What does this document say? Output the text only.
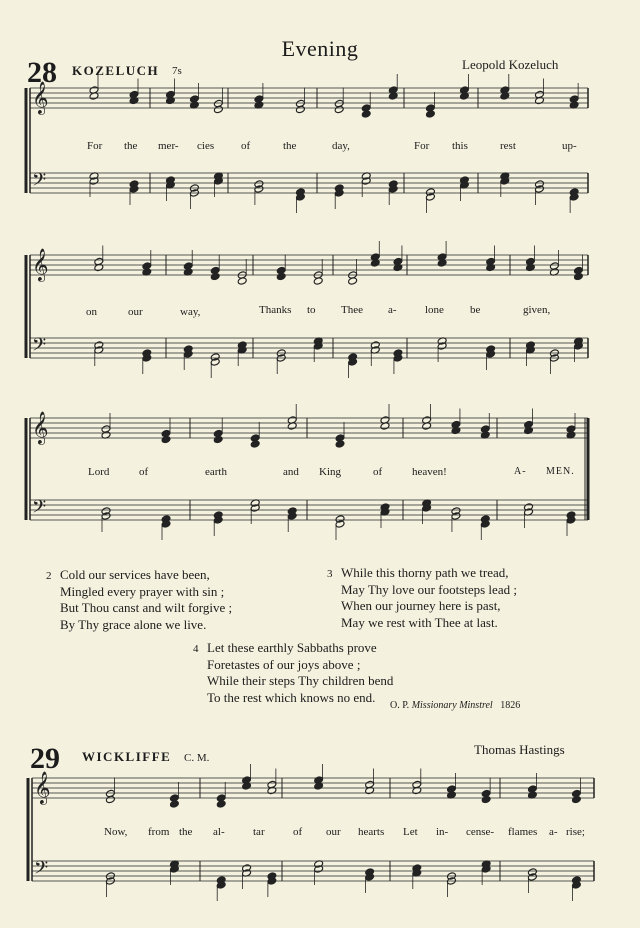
𝄞
𝄢
𝄞
𝄢
𝄞
𝄢
𝄞
𝄢
Evening
28 KOZELUCH 7s	Leopold Kozeluch
For the mer- cies of	the	day,	For this	rest	up-
on	our	way,	Thanks to Thee a-	lone be	given,
Lord	of	earth	and King	of	heaven!	A- MEN.
2 Cold our services have been,
Mingled every prayer with sin ;
But Thou canst and wilt forgive ;
By Thy grace alone we live.
3 While this thorny path we tread,
May Thy love our footsteps lead ;
When our journey here is past,
May we rest with Thee at last.
4 Let these earthly Sabbaths prove
Foretastes of our joys above ;
While their steps Thy children bend
To the rest which knows no end.
O. P. Missionary Minstrel 1826
29 WICKLIFFE C. M.
Thomas Hastings
Now, from the al-	tar	of our hearts Let in- cense- flames a- rise;
